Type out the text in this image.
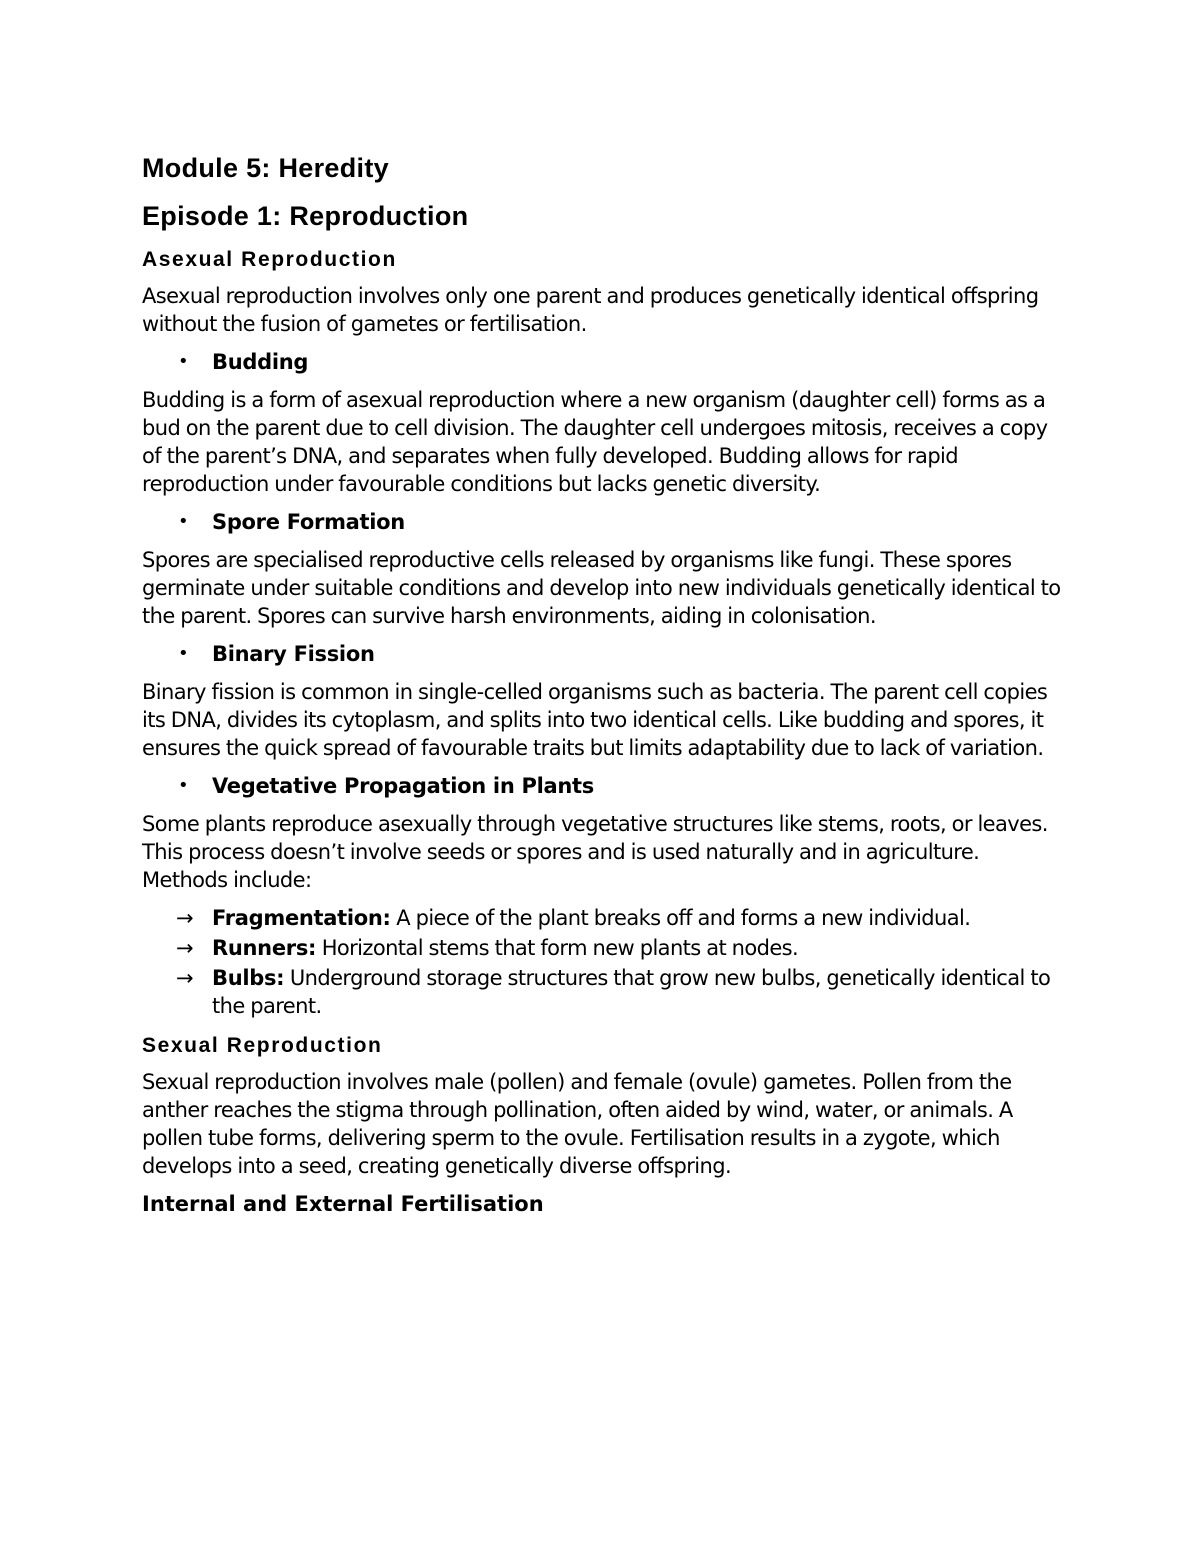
Module 5: Heredity
Episode 1: Reproduction
Asexual Reproduction
Asexual reproduction involves only one parent and produces genetically identical offspring without the fusion of gametes or fertilisation.
• Budding
Budding is a form of asexual reproduction where a new organism (daughter cell) forms as a bud on the parent due to cell division. The daughter cell undergoes mitosis, receives a copy of the parent’s DNA, and separates when fully developed. Budding allows for rapid reproduction under favourable conditions but lacks genetic diversity.
• Spore Formation
Spores are specialised reproductive cells released by organisms like fungi. These spores germinate under suitable conditions and develop into new individuals genetically identical to the parent. Spores can survive harsh environments, aiding in colonisation.
• Binary Fission
Binary fission is common in single-celled organisms such as bacteria. The parent cell copies its DNA, divides its cytoplasm, and splits into two identical cells. Like budding and spores, it ensures the quick spread of favourable traits but limits adaptability due to lack of variation.
• Vegetative Propagation in Plants
Some plants reproduce asexually through vegetative structures like stems, roots, or leaves. This process doesn’t involve seeds or spores and is used naturally and in agriculture. Methods include:
→ Fragmentation: A piece of the plant breaks off and forms a new individual.
→ Runners: Horizontal stems that form new plants at nodes.
→ Bulbs: Underground storage structures that grow new bulbs, genetically identical to the parent.
Sexual Reproduction
Sexual reproduction involves male (pollen) and female (ovule) gametes. Pollen from the anther reaches the stigma through pollination, often aided by wind, water, or animals. A pollen tube forms, delivering sperm to the ovule. Fertilisation results in a zygote, which develops into a seed, creating genetically diverse offspring.
Internal and External Fertilisation
